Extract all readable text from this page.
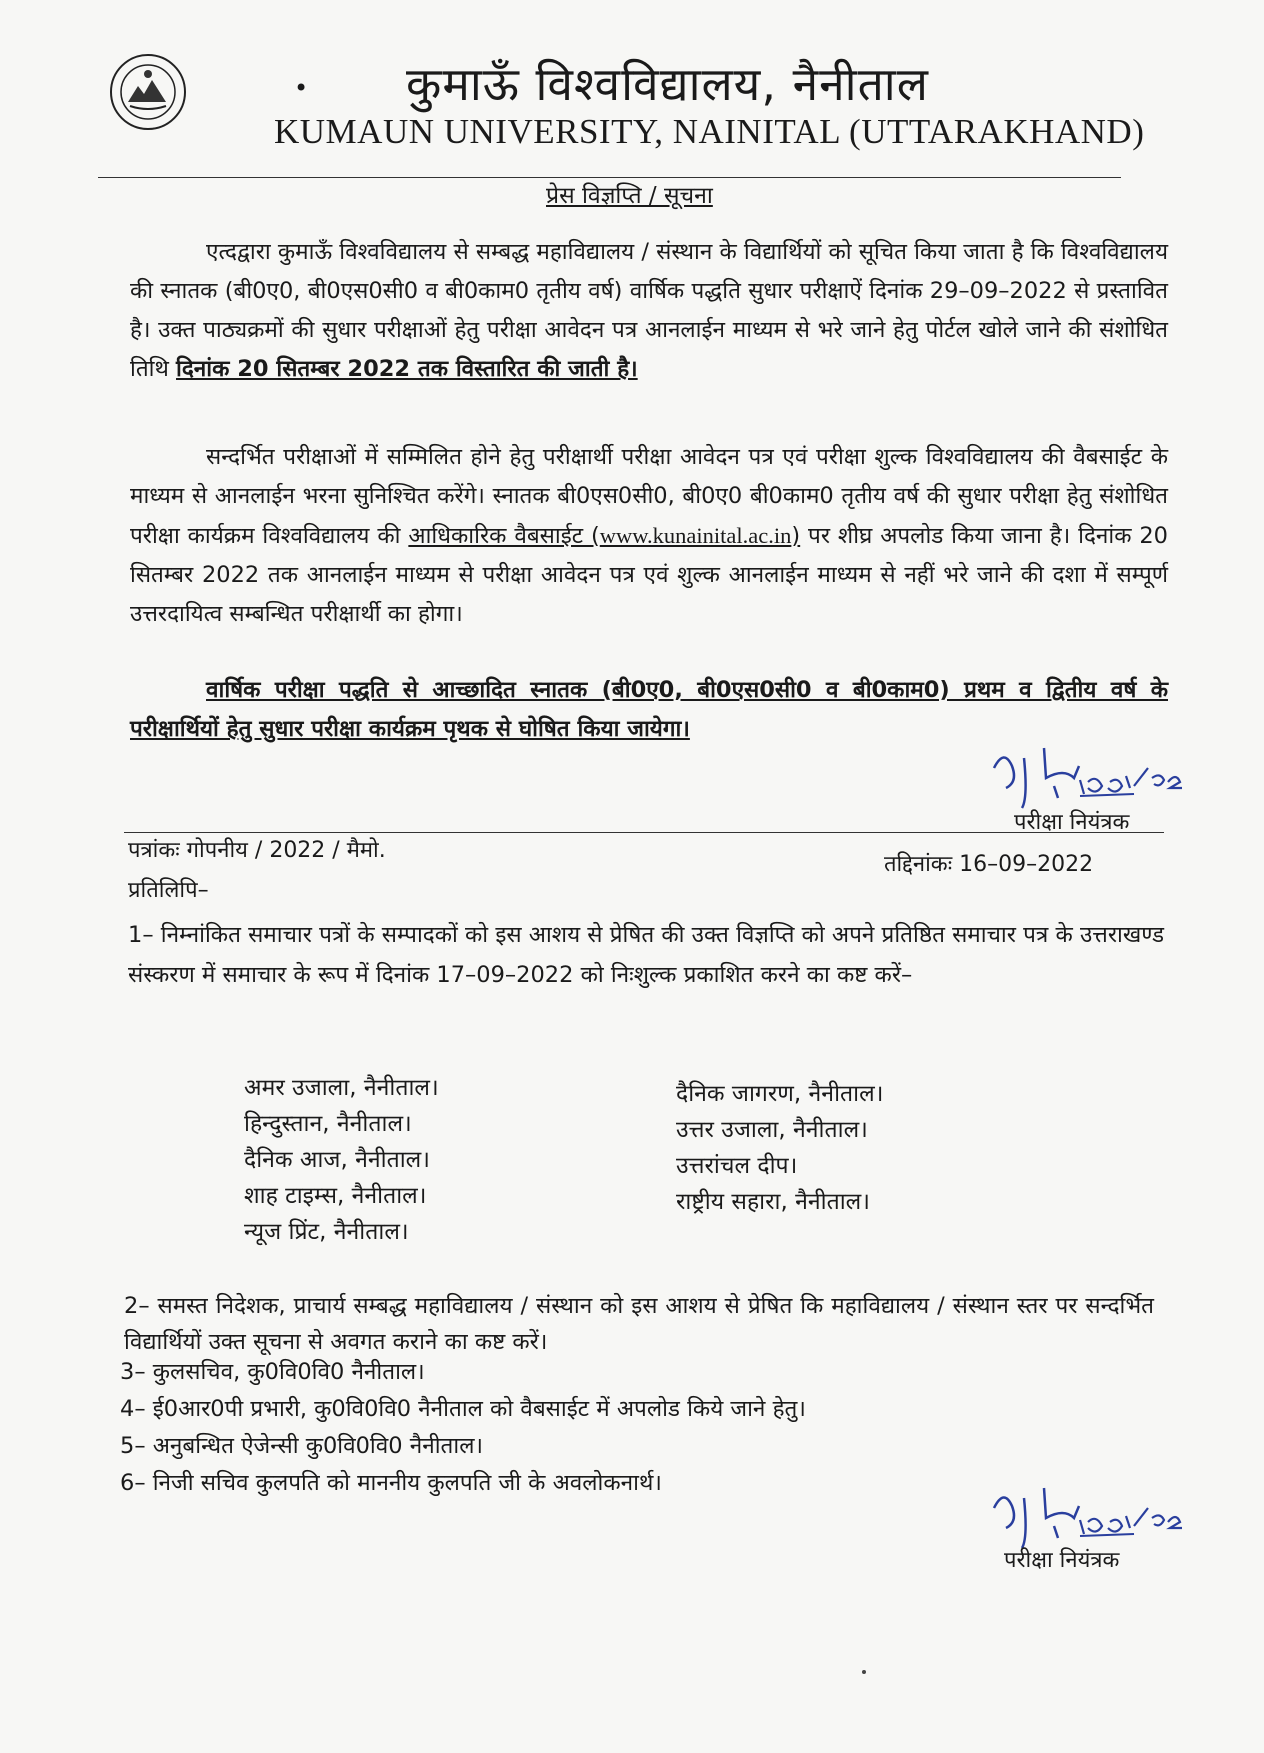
• कुमाऊँ विश्वविद्यालय, नैनीताल
KUMAUN UNIVERSITY, NAINITAL (UTTARAKHAND)
प्रेस विज्ञप्ति / सूचना
एत्दद्वारा कुमाऊँ विश्वविद्यालय से सम्बद्ध महाविद्यालय / संस्थान के विद्यार्थियों को सूचित किया जाता है कि विश्वविद्यालय की स्नातक (बी0ए0, बी0एस0सी0 व बी0काम0 तृतीय वर्ष) वार्षिक पद्धति सुधार परीक्षाऐं दिनांक 29–09–2022 से प्रस्तावित है। उक्त पाठ्यक्रमों की सुधार परीक्षाओं हेतु परीक्षा आवेदन पत्र आनलाईन माध्यम से भरे जाने हेतु पोर्टल खोले जाने की संशोधित तिथि दिनांक 20 सितम्बर 2022 तक विस्तारित की जाती है।
सन्दर्भित परीक्षाओं में सम्मिलित होने हेतु परीक्षार्थी परीक्षा आवेदन पत्र एवं परीक्षा शुल्क विश्वविद्यालय की वैबसाईट के माध्यम से आनलाईन भरना सुनिश्चित करेंगे। स्नातक बी0एस0सी0, बी0ए0 बी0काम0 तृतीय वर्ष की सुधार परीक्षा हेतु संशोधित परीक्षा कार्यक्रम विश्वविद्यालय की आधिकारिक वैबसाईट (www.kunainital.ac.in) पर शीघ्र अपलोड किया जाना है। दिनांक 20 सितम्बर 2022 तक आनलाईन माध्यम से परीक्षा आवेदन पत्र एवं शुल्क आनलाईन माध्यम से नहीं भरे जाने की दशा में सम्पूर्ण उत्तरदायित्व सम्बन्धित परीक्षार्थी का होगा।
वार्षिक परीक्षा पद्धति से आच्छादित स्नातक (बी0ए0, बी0एस0सी0 व बी0काम0) प्रथम व द्वितीय वर्ष के परीक्षार्थियों हेतु सुधार परीक्षा कार्यक्रम पृथक से घोषित किया जायेगा।
परीक्षा नियंत्रक
पत्रांकः गोपनीय / 2022 / मैमो.
तद्दिनांकः 16–09–2022
प्रतिलिपि–
1– निम्नांकित समाचार पत्रों के सम्पादकों को इस आशय से प्रेषित की उक्त विज्ञप्ति को अपने प्रतिष्ठित समाचार पत्र के उत्तराखण्ड संस्करण में समाचार के रूप में दिनांक 17–09–2022 को निःशुल्क प्रकाशित करने का कष्ट करें–
अमर उजाला, नैनीताल।
हिन्दुस्तान, नैनीताल।
दैनिक आज, नैनीताल।
शाह टाइम्स, नैनीताल।
न्यूज प्रिंट, नैनीताल।
दैनिक जागरण, नैनीताल।
उत्तर उजाला, नैनीताल।
उत्तरांचल दीप।
राष्ट्रीय सहारा, नैनीताल।
2– समस्त निदेशक, प्राचार्य सम्बद्ध महाविद्यालय / संस्थान को इस आशय से प्रेषित कि महाविद्यालय / संस्थान स्तर पर सन्दर्भित विद्यार्थियों उक्त सूचना से अवगत कराने का कष्ट करें।
3– कुलसचिव, कु0वि0वि0 नैनीताल।
4– ई0आर0पी प्रभारी, कु0वि0वि0 नैनीताल को वैबसाईट में अपलोड किये जाने हेतु।
5– अनुबन्धित ऐजेन्सी कु0वि0वि0 नैनीताल।
6– निजी सचिव कुलपति को माननीय कुलपति जी के अवलोकनार्थ।
परीक्षा नियंत्रक
